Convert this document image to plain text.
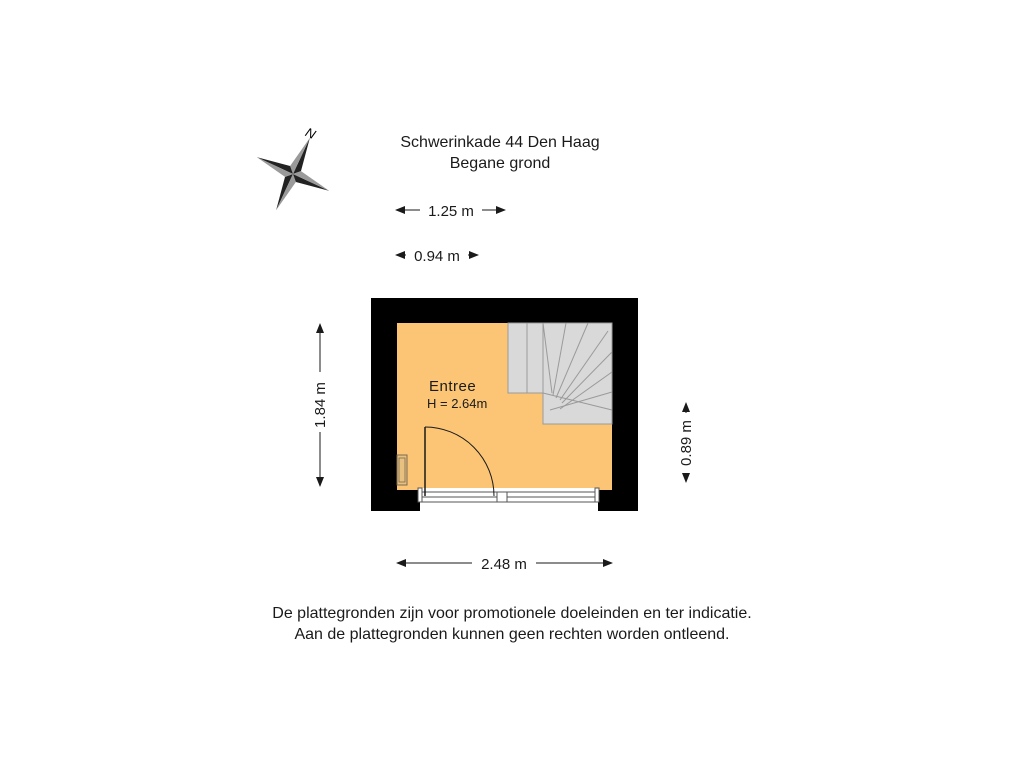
Schwerinkade 44 Den Haag
Begane grond
N
1.25 m
0.94 m
1.84 m
0.89 m
2.48 m
Entree
H = 2.64m
De plattegronden zijn voor promotionele doeleinden en ter indicatie.
Aan de plattegronden kunnen geen rechten worden ontleend.
